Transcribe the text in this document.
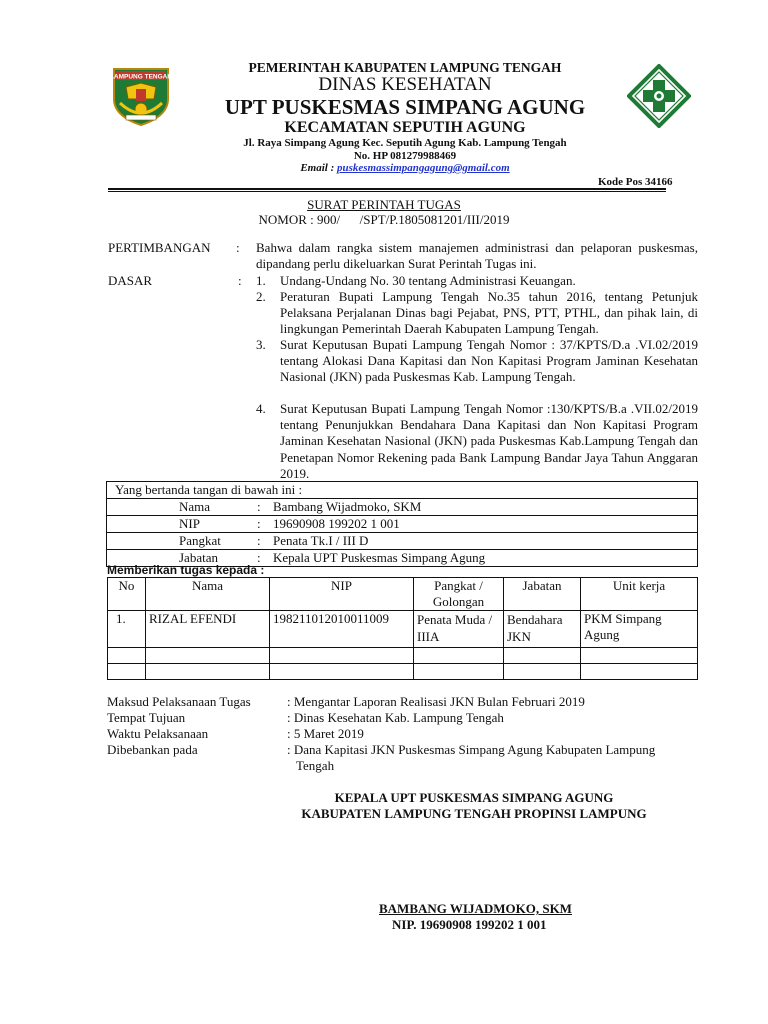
LAMPUNG TENGAH
PEMERINTAH KABUPATEN LAMPUNG TENGAH
DINAS KESEHATAN
UPT PUSKESMAS SIMPANG AGUNG
KECAMATAN SEPUTIH AGUNG
Jl. Raya Simpang Agung Kec. Seputih Agung Kab. Lampung Tengah
No. HP 081279988469
Email : puskesmassimpangagung@gmail.com
Kode Pos 34166
SURAT PERINTAH TUGAS
NOMOR : 900/      /SPT/P.1805081201/III/2019
PERTIMBANGAN : Bahwa dalam rangka sistem manajemen administrasi dan pelaporan puskesmas, dipandang perlu dikeluarkan Surat Perintah Tugas ini.
DASAR	: 1. Undang-Undang No. 30 tentang Administrasi Keuangan.
2. Peraturan Bupati Lampung Tengah No.35 tahun 2016, tentang Petunjuk Pelaksana Perjalanan Dinas bagi Pejabat, PNS, PTT, PTHL, dan pihak lain, di lingkungan Pemerintah Daerah Kabupaten Lampung Tengah.
3. Surat Keputusan Bupati Lampung Tengah Nomor : 37/KPTS/D.a .VI.02/2019 tentang Alokasi Dana Kapitasi dan Non Kapitasi Program Jaminan Kesehatan Nasional (JKN) pada Puskesmas Kab. Lampung Tengah.
4. Surat Keputusan Bupati Lampung Tengah Nomor :130/KPTS/B.a .VII.02/2019 tentang Penunjukkan Bendahara Dana Kapitasi dan Non Kapitasi Program Jaminan Kesehatan Nasional (JKN) pada Puskesmas Kab.Lampung Tengah dan Penetapan Nomor Rekening pada Bank Lampung Bandar Jaya Tahun Anggaran 2019.
Yang bertanda tangan di bawah ini :		
Nama	:	Bambang Wijadmoko, SKM
NIP	:	19690908 199202 1 001
Pangkat	:	Penata Tk.I / III D
Jabatan	:	Kepala UPT Puskesmas Simpang Agung
Memberikan tugas kepada :
No	Nama	NIP	Pangkat / Golongan	Jabatan	Unit kerja
1.	RIZAL EFENDI	198211012010011009	Penata Muda / IIIA	Bendahara JKN	PKM Simpang Agung

Maksud Pelaksanaan Tugas	: Mengantar Laporan Realisasi JKN Bulan Februari 2019
Tempat Tujuan	: Dinas Kesehatan Kab. Lampung Tengah
Waktu Pelaksanaan	: 5 Maret 2019
Dibebankan pada	: Dana Kapitasi JKN Puskesmas Simpang Agung Kabupaten Lampung
Tengah
KEPALA UPT PUSKESMAS SIMPANG AGUNG
KABUPATEN LAMPUNG TENGAH PROPINSI LAMPUNG
BAMBANG WIJADMOKO, SKM
NIP. 19690908 199202 1 001
